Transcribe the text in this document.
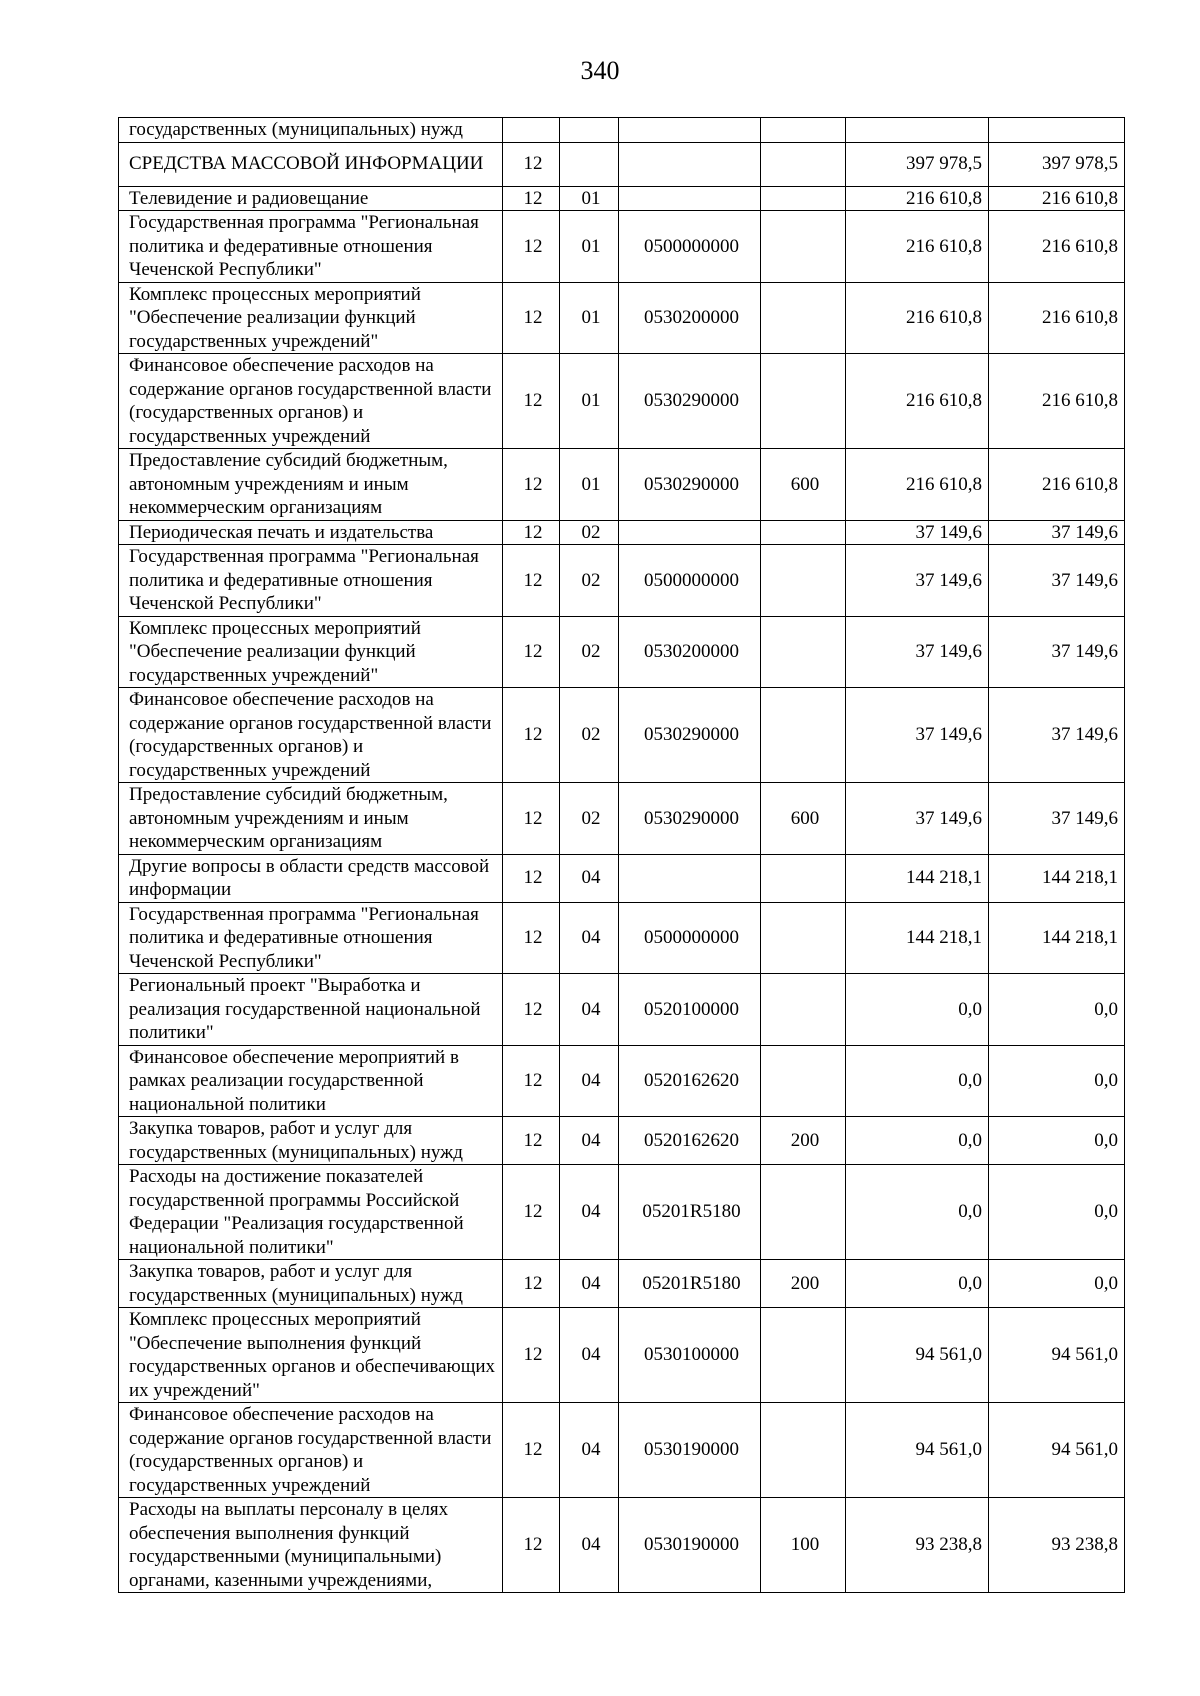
340
государственных (муниципальных) нужд						
СРЕДСТВА МАССОВОЙ ИНФОРМАЦИИ	12				397 978,5	397 978,5
Телевидение и радиовещание	12	01			216 610,8	216 610,8
Государственная программа "Региональная политика и федеративные отношения Чеченской Республики"	12	01	0500000000		216 610,8	216 610,8
Комплекс процессных мероприятий "Обеспечение реализации функций государственных учреждений"	12	01	0530200000		216 610,8	216 610,8
Финансовое обеспечение расходов на содержание органов государственной власти (государственных органов) и государственных учреждений	12	01	0530290000		216 610,8	216 610,8
Предоставление субсидий бюджетным, автономным учреждениям и иным некоммерческим организациям	12	01	0530290000	600	216 610,8	216 610,8
Периодическая печать и издательства	12	02			37 149,6	37 149,6
Государственная программа "Региональная политика и федеративные отношения Чеченской Республики"	12	02	0500000000		37 149,6	37 149,6
Комплекс процессных мероприятий "Обеспечение реализации функций государственных учреждений"	12	02	0530200000		37 149,6	37 149,6
Финансовое обеспечение расходов на содержание органов государственной власти (государственных органов) и государственных учреждений	12	02	0530290000		37 149,6	37 149,6
Предоставление субсидий бюджетным, автономным учреждениям и иным некоммерческим организациям	12	02	0530290000	600	37 149,6	37 149,6
Другие вопросы в области средств массовой информации	12	04			144 218,1	144 218,1
Государственная программа "Региональная политика и федеративные отношения Чеченской Республики"	12	04	0500000000		144 218,1	144 218,1
Региональный проект "Выработка и реализация государственной национальной политики"	12	04	0520100000		0,0	0,0
Финансовое обеспечение мероприятий в рамках реализации государственной национальной политики	12	04	0520162620		0,0	0,0
Закупка товаров, работ и услуг для государственных (муниципальных) нужд	12	04	0520162620	200	0,0	0,0
Расходы на достижение показателей государственной программы Российской Федерации "Реализация государственной национальной политики"	12	04	05201R5180		0,0	0,0
Закупка товаров, работ и услуг для государственных (муниципальных) нужд	12	04	05201R5180	200	0,0	0,0
Комплекс процессных мероприятий "Обеспечение выполнения функций государственных органов и обеспечивающих их учреждений"	12	04	0530100000		94 561,0	94 561,0
Финансовое обеспечение расходов на содержание органов государственной власти (государственных органов) и государственных учреждений	12	04	0530190000		94 561,0	94 561,0
Расходы на выплаты персоналу в целях обеспечения выполнения функций государственными (муниципальными) органами, казенными учреждениями,	12	04	0530190000	100	93 238,8	93 238,8
